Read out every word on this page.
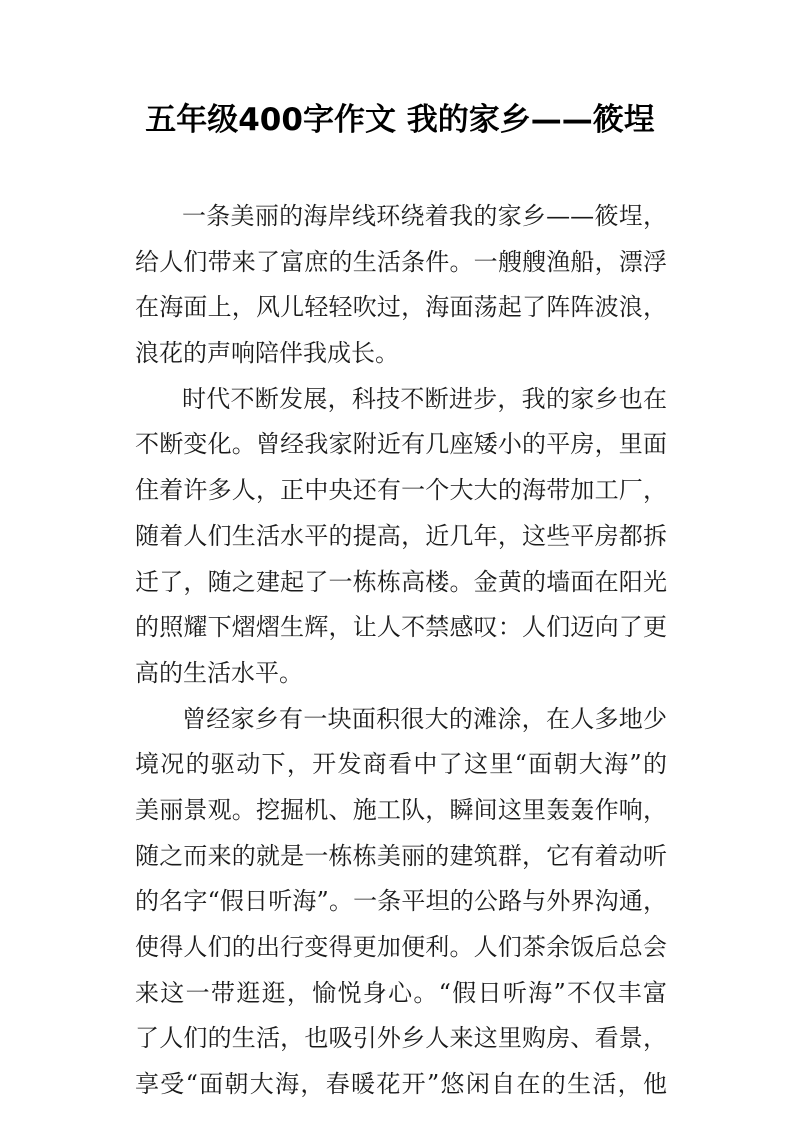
五年级400字作文 我的家乡——筱埕
一条美丽的海岸线环绕着我的家乡——筱埕，
给人们带来了富庶的生活条件。一艘艘渔船，漂浮
在海面上，风儿轻轻吹过，海面荡起了阵阵波浪，
浪花的声响陪伴我成长。
时代不断发展，科技不断进步，我的家乡也在
不断变化。曾经我家附近有几座矮小的平房，里面
住着许多人，正中央还有一个大大的海带加工厂，
随着人们生活水平的提高，近几年，这些平房都拆
迁了，随之建起了一栋栋高楼。金黄的墙面在阳光
的照耀下熠熠生辉，让人不禁感叹：人们迈向了更
高的生活水平。
曾经家乡有一块面积很大的滩涂，在人多地少
境况的驱动下，开发商看中了这里“面朝大海”的
美丽景观。挖掘机、施工队，瞬间这里轰轰作响，
随之而来的就是一栋栋美丽的建筑群，它有着动听
的名字“假日听海”。一条平坦的公路与外界沟通，
使得人们的出行变得更加便利。人们茶余饭后总会
来这一带逛逛，愉悦身心。“假日听海”不仅丰富
了人们的生活，也吸引外乡人来这里购房、看景，
享受“面朝大海，春暖花开”悠闲自在的生活，他
